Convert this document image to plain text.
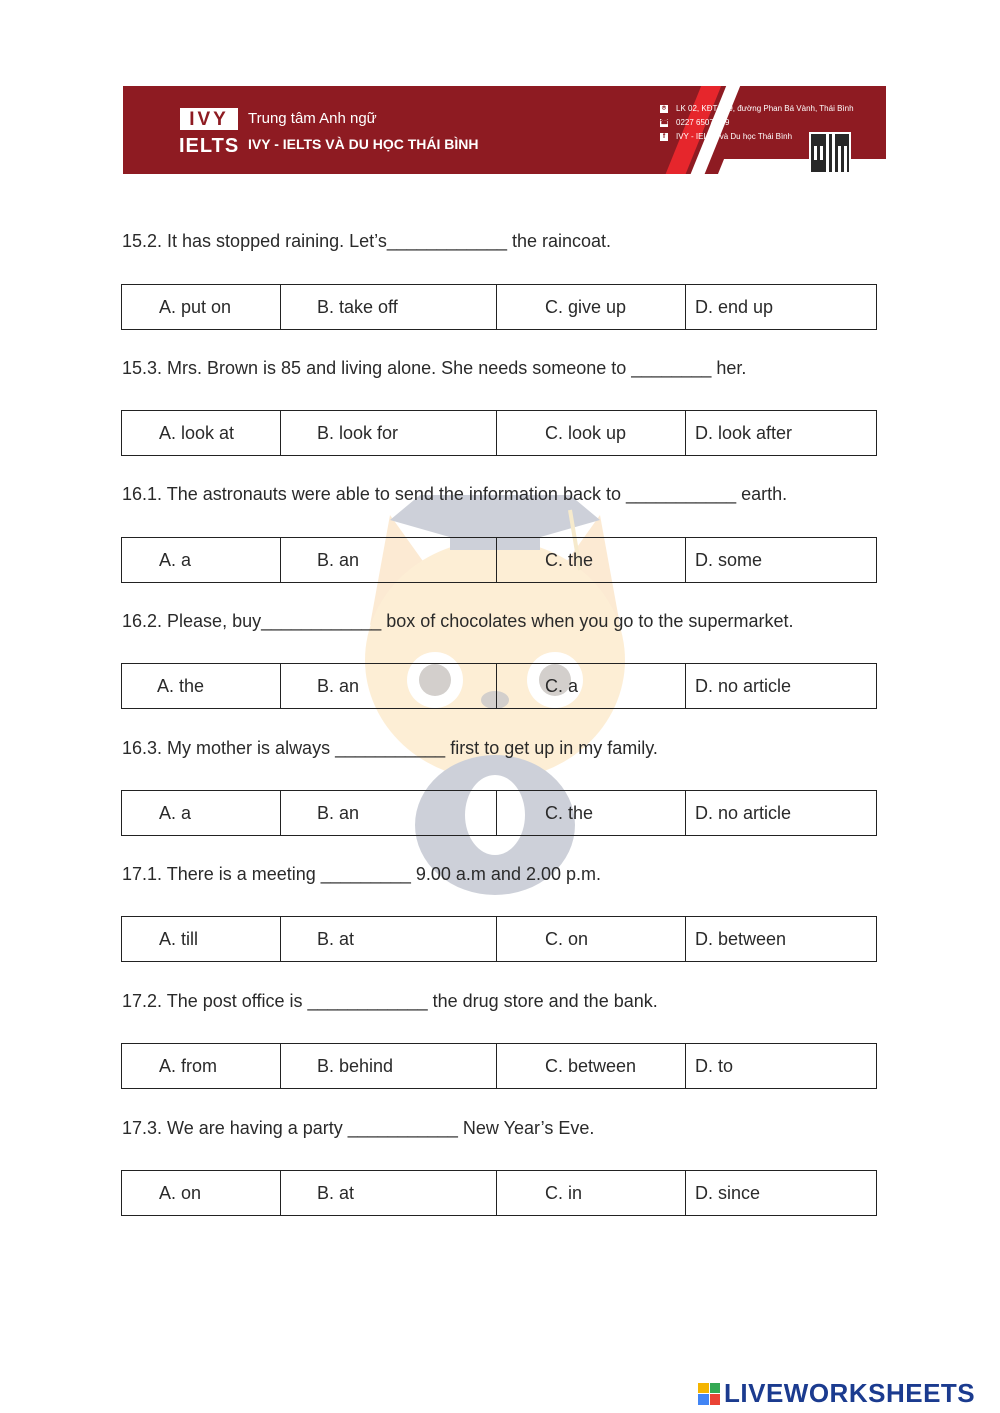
IVY
IELTS
Trung tâm Anh ngữ
IVY - IELTS VÀ DU HỌC THÁI BÌNH
⌾ LK 02, KĐT 379, đường Phan Bá Vành, Thái Bình
☎ 0227 6507 999
f	IVY - IELTS và Du học Thái Bình
15.2. It has stopped raining. Let’s____________ the raincoat.
A. put on	B. take off	C. give up	D. end up
15.3. Mrs. Brown is 85 and living alone. She needs someone to ________ her.
A. look at	B. look for	C. look up	D. look after
16.1. The astronauts were able to send the information back to ___________ earth.
A. a	B. an	C. the	D. some
16.2. Please, buy____________ box of chocolates when you go to the supermarket.
A. the	B. an	C. a	D. no article
16.3. My mother is always ___________ first to get up in my family.
A. a	B. an	C. the	D. no article
17.1. There is a meeting _________ 9.00 a.m and 2.00 p.m.
A. till	B. at	C. on	D. between
17.2. The post office is ____________ the drug store and the bank.
A. from	B. behind	C. between	D. to
17.3. We are having a party ___________ New Year’s Eve.
A. on	B. at	C. in	D. since
LIVEWORKSHEETS
